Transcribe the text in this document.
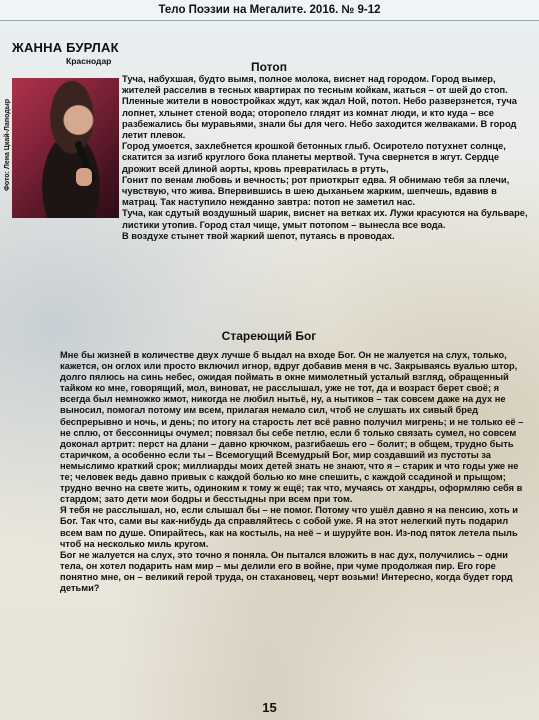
Тело Поэзии на Мегалите. 2016. № 9-12
ЖАННА БУРЛАК
Краснодар
Фото: Лена Цкай-Лаподыр
Потоп

Туча, набухшая, будто вымя, полное молока, виснет над городом. Город вымер, жителей расселив в тесных квартирах по тесным койкам, жаться – от шей до стоп. Пленные жители в новостройках ждут, как ждал Ной, потоп. Небо разверзнется, туча лопнет, хлынет стеной вода; оторопело глядят из комнат люди, и кто куда – все разбежались бы муравьями, знали бы для чего. Небо заходится желваками. В город летит плевок.

Город умоется, захлебнется крошкой бетонных глыб. Осиротело потухнет солнце, скатится за изгиб круглого бока планеты мертвой. Туча свернется в жгут. Сердце дрожит всей длиной аорты, кровь превратилась в ртуть,

Гонит по венам любовь и вечность; рот приоткрыт едва. Я обнимаю тебя за плечи, чувствую, что жива. Впервившись в шею дыханьем жарким, шепчешь, вдавив в матрац. Так наступило нежданно завтра: потоп не заметил нас.

Туча, как сдутый воздушный шарик, виснет на ветках их. Лужи красуются на бульваре, листики утопив. Город стал чище, умыт потопом – вынесла все вода.

В воздухе стынет твой жаркий шепот, путаясь в проводах.

Стареющий Бог

Мне бы жизней в количестве двух лучше б выдал на входе Бог. Он не жалуется на слух, только, кажется, он оглох или просто включил игнор, вдруг добавив меня в чс. Закрываясь вуалью штор, долго пялюсь на синь небес, ожидая поймать в окне мимолетный усталый взгляд, обращенный тайком ко мне, говорящий, мол, виноват, не расслышал, уже не тот, да и возраст берет своё; я всегда был немножко жмот, никогда не любил нытьё, ну, а нытиков – так совсем даже на дух не выносил, помогал потому им всем, прилагая немало сил, чтоб не слушать их сивый бред беспрерывно и ночь, и день; по итогу на старость лет всё равно получил мигрень; и не только её – не сплю, от бессонницы очумел; повязал бы себе петлю, если б только связать сумел, но совсем доконал артрит: перст на длани – давно крючком, разгибаешь его – болит; в общем, трудно быть старичком, а особенно если ты – Всемогущий Всемудрый Бог, мир создавший из пустоты за немыслимо краткий срок; миллиарды моих детей знать не знают, что я – старик и что годы уже не те; человек ведь давно привык с каждой болью ко мне спешить, с каждой ссадиной и прыщом; трудно вечно на свете жить, одиноким к тому ж ещё; так что, мучаясь от хандры, оформляю себя в стардом; зато дети мои бодры и бесстыдны при всем при том.

Я тебя не расслышал, но, если слышал бы – не помог. Потому что ушёл давно я на пенсию, хоть и Бог. Так что, сами вы как-нибудь да справляйтесь с собой уже. Я на этот нелегкий путь подарил всем вам по душе. Опирайтесь, как на костыль, на неё – и шуруйте вон. Из-под пяток летела пыль чтоб на несколько миль кругом.

Бог не жалуется на слух, это точно я поняла. Он пытался вложить в нас дух, получились – одни тела, он хотел подарить нам мир – мы делили его в войне, при чуме продолжая пир. Его горе понятно мне, он – великий герой труда, он стахановец, черт возьми! Интересно, когда будет горд детьми?

15
